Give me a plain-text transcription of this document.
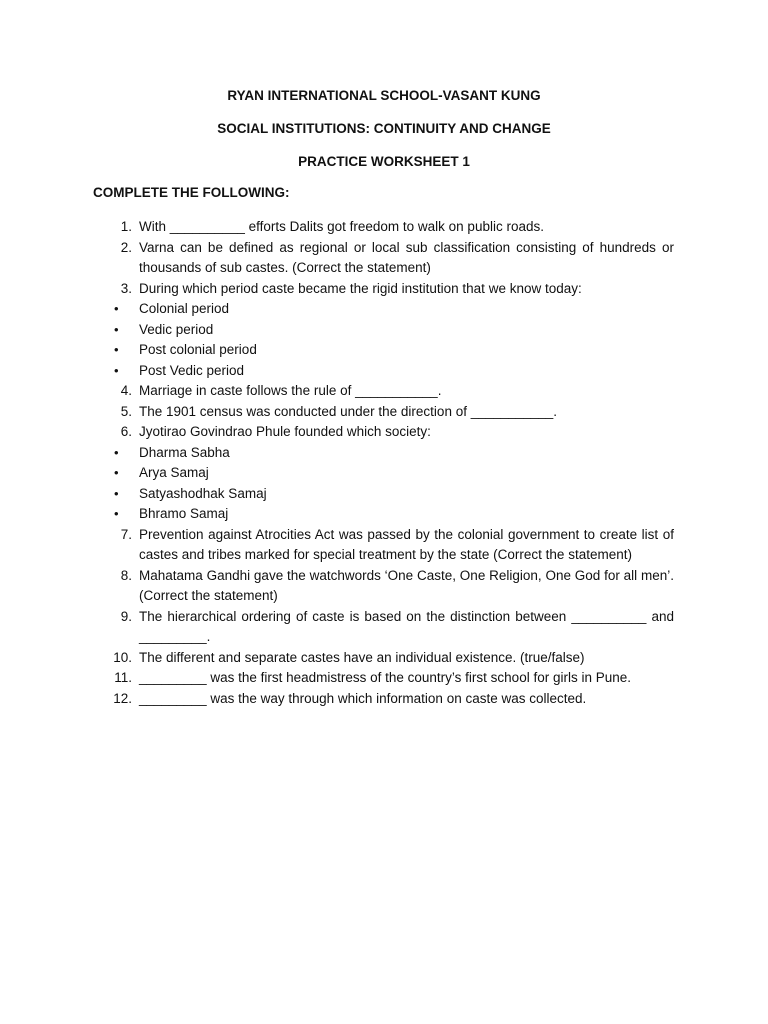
RYAN INTERNATIONAL SCHOOL-VASANT KUNG
SOCIAL INSTITUTIONS: CONTINUITY AND CHANGE
PRACTICE WORKSHEET 1
COMPLETE THE FOLLOWING:
1. With __________ efforts Dalits got freedom to walk on public roads.
2. Varna can be defined as regional or local sub classification consisting of hundreds or thousands of sub castes. (Correct the statement)
3. During which period caste became the rigid institution that we know today:
•	Colonial period
•	Vedic period
•	Post colonial period
•	Post Vedic period
4. Marriage in caste follows the rule of ___________.
5. The 1901 census was conducted under the direction of ___________.
6. Jyotirao Govindrao Phule founded which society:
•	Dharma Sabha
•	Arya Samaj
•	Satyashodhak Samaj
•	Bhramo Samaj
7. Prevention against Atrocities Act was passed by the colonial government to create list of castes and tribes marked for special treatment by the state (Correct the statement)
8. Mahatama Gandhi gave the watchwords ‘One Caste, One Religion, One God for all men’. (Correct the statement)
9. The hierarchical ordering of caste is based on the distinction between __________ and _________.
10. The different and separate castes have an individual existence. (true/false)
11. _________ was the first headmistress of the country’s first school for girls in Pune.
12. _________ was the way through which information on caste was collected.
